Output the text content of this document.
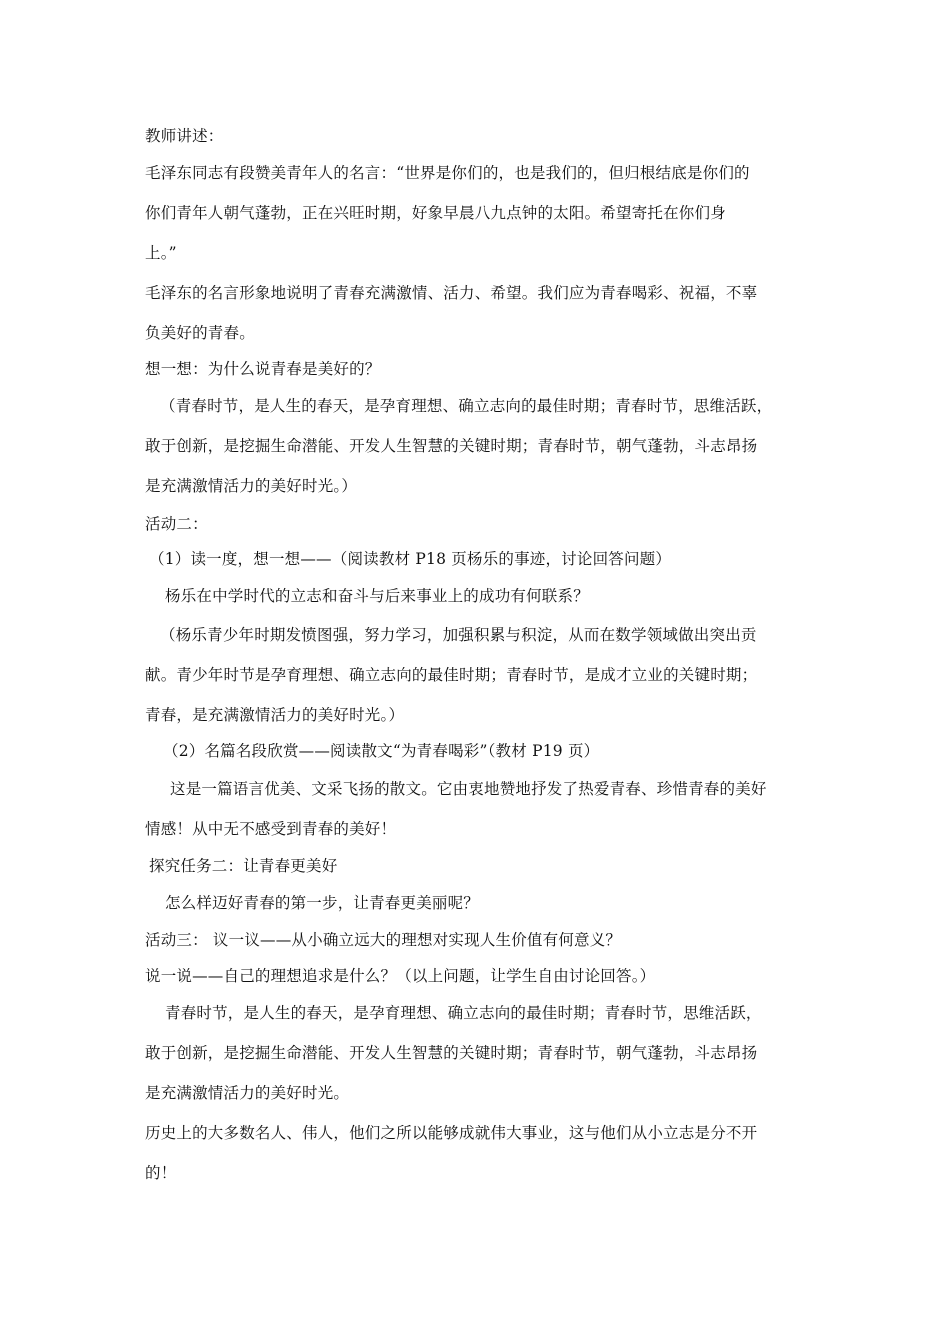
教师讲述：
毛泽东同志有段赞美青年人的名言：“世界是你们的，也是我们的，但归根结底是你们的
你们青年人朝气蓬勃，正在兴旺时期，好象早晨八九点钟的太阳。希望寄托在你们身
上。”
毛泽东的名言形象地说明了青春充满激情、活力、希望。我们应为青春喝彩、祝福，不辜
负美好的青春。
想一想：为什么说青春是美好的？
（青春时节，是人生的春天，是孕育理想、确立志向的最佳时期；青春时节，思维活跃，
敢于创新，是挖掘生命潜能、开发人生智慧的关键时期；青春时节，朝气蓬勃，斗志昂扬
是充满激情活力的美好时光。）
活动二：
（1）读一度，想一想——（阅读教材 P18 页杨乐的事迹，讨论回答问题）
杨乐在中学时代的立志和奋斗与后来事业上的成功有何联系？
（杨乐青少年时期发愤图强，努力学习，加强积累与积淀，从而在数学领域做出突出贡
献。青少年时节是孕育理想、确立志向的最佳时期；青春时节，是成才立业的关键时期；
青春，是充满激情活力的美好时光。）
（2）名篇名段欣赏——阅读散文“为青春喝彩”（教材 P19 页）
这是一篇语言优美、文采飞扬的散文。它由衷地赞地抒发了热爱青春、珍惜青春的美好
情感！从中无不感受到青春的美好！
探究任务二：让青春更美好
怎么样迈好青春的第一步，让青春更美丽呢？
活动三： 议一议——从小确立远大的理想对实现人生价值有何意义？
说一说——自己的理想追求是什么？（以上问题，让学生自由讨论回答。）
青春时节，是人生的春天，是孕育理想、确立志向的最佳时期；青春时节，思维活跃，
敢于创新，是挖掘生命潜能、开发人生智慧的关键时期；青春时节，朝气蓬勃，斗志昂扬
是充满激情活力的美好时光。
历史上的大多数名人、伟人，他们之所以能够成就伟大事业，这与他们从小立志是分不开
的！
